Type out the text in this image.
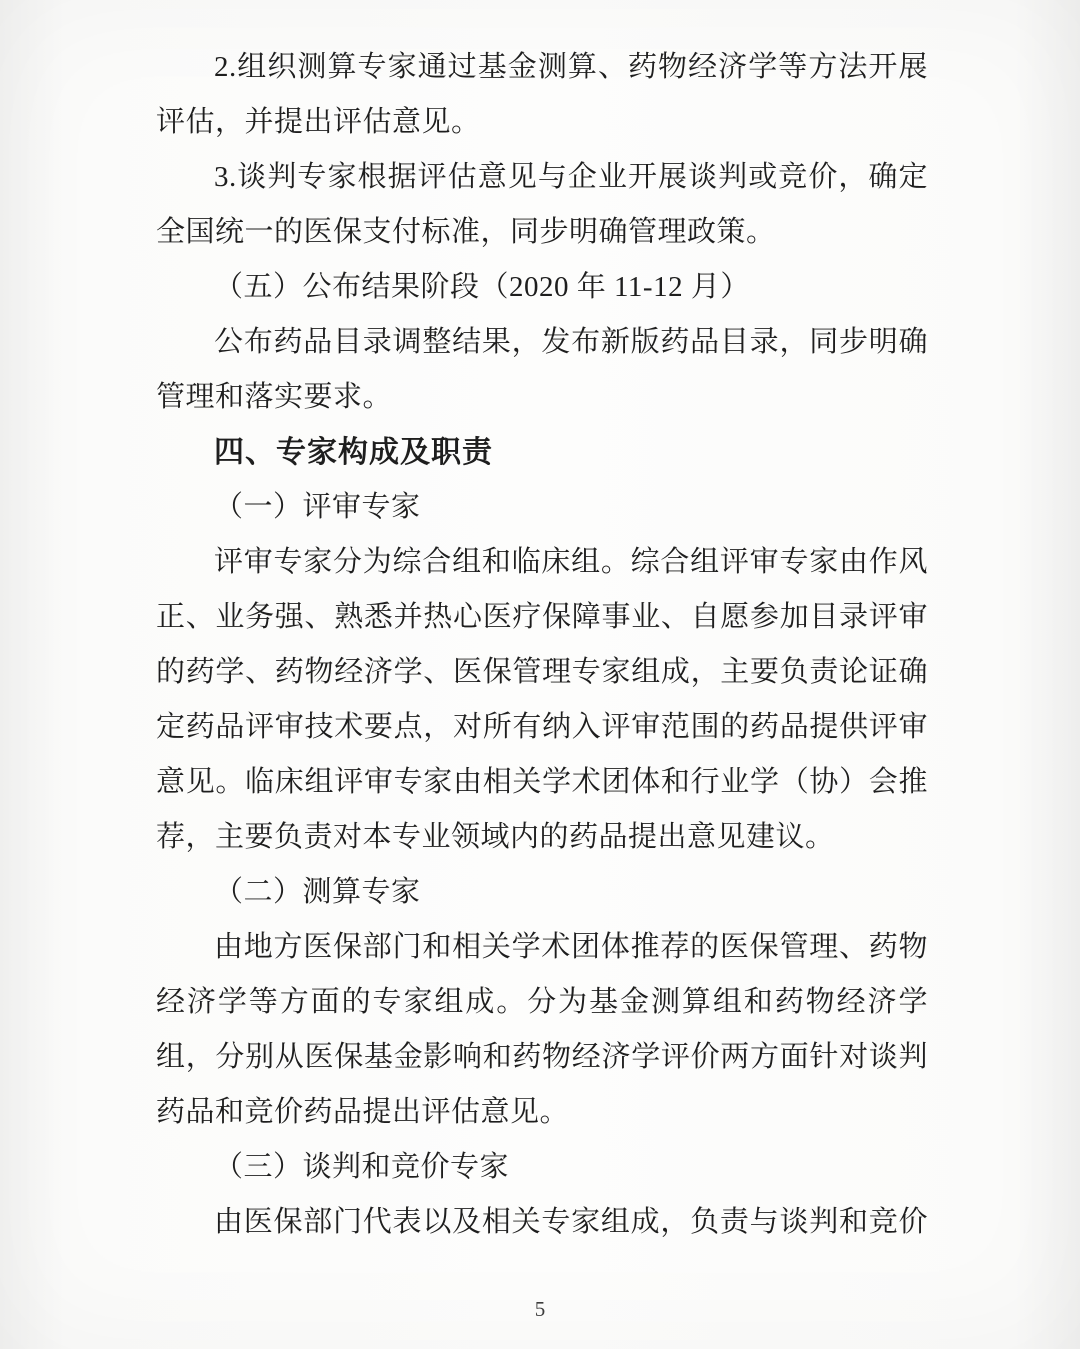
2.组织测算专家通过基金测算、药物经济学等方法开展
评估，并提出评估意见。
3.谈判专家根据评估意见与企业开展谈判或竞价，确定
全国统一的医保支付标准，同步明确管理政策。
（五）公布结果阶段（2020 年 11-12 月）
公布药品目录调整结果，发布新版药品目录，同步明确
管理和落实要求。
四、专家构成及职责
（一）评审专家
评审专家分为综合组和临床组。综合组评审专家由作风
正、业务强、熟悉并热心医疗保障事业、自愿参加目录评审
的药学、药物经济学、医保管理专家组成，主要负责论证确
定药品评审技术要点，对所有纳入评审范围的药品提供评审
意见。临床组评审专家由相关学术团体和行业学（协）会推
荐，主要负责对本专业领域内的药品提出意见建议。
（二）测算专家
由地方医保部门和相关学术团体推荐的医保管理、药物
经济学等方面的专家组成。分为基金测算组和药物经济学
组，分别从医保基金影响和药物经济学评价两方面针对谈判
药品和竞价药品提出评估意见。
（三）谈判和竞价专家
由医保部门代表以及相关专家组成，负责与谈判和竞价
5
